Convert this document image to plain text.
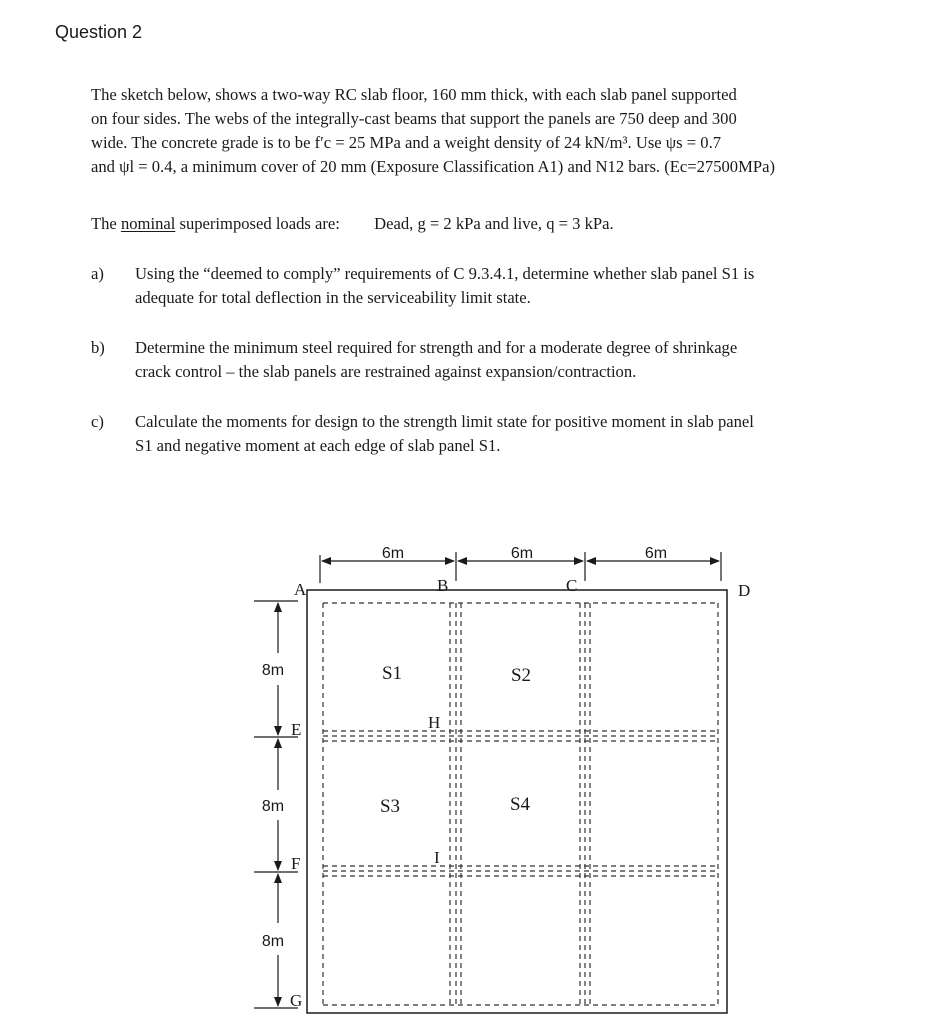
Question 2
The sketch below, shows a two-way RC slab floor, 160 mm thick, with each slab panel supported
on four sides. The webs of the integrally-cast beams that support the panels are 750 deep and 300
wide. The concrete grade is to be f′c = 25 MPa and a weight density of 24 kN/m³. Use ψs = 0.7
and ψl = 0.4, a minimum cover of 20 mm (Exposure Classification A1) and N12 bars. (Ec=27500MPa)
The nominal superimposed loads are: Dead, g = 2 kPa and live, q = 3 kPa.
a) Using the “deemed to comply” requirements of C 9.3.4.1, determine whether slab panel S1 is
adequate for total deflection in the serviceability limit state.
b) Determine the minimum steel required for strength and for a moderate degree of shrinkage
crack control – the slab panels are restrained against expansion/contraction.
c) Calculate the moments for design to the strength limit state for positive moment in slab panel
S1 and negative moment at each edge of slab panel S1.
6m	6m	6m
A	B	C	D
8m
8m
8m
E
F
G
H
I
S1	S2
S3	S4
